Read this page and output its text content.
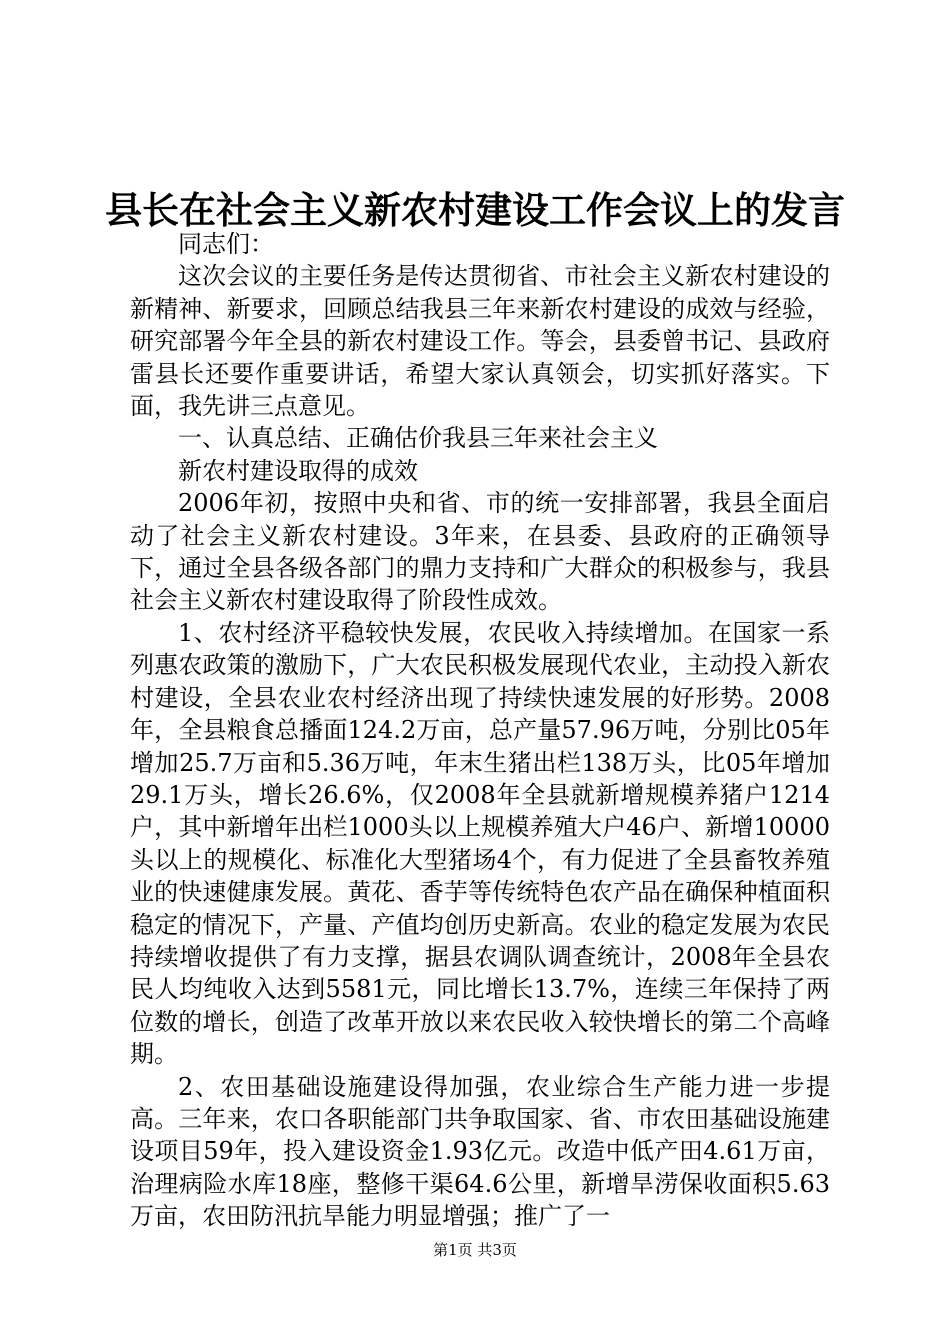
县长在社会主义新农村建设工作会议上的发言

同志们：

这次会议的主要任务是传达贯彻省、市社会主义新农村建设的新精神、新要求，回顾总结我县三年来新农村建设的成效与经验，研究部署今年全县的新农村建设工作。等会，县委曾书记、县政府雷县长还要作重要讲话，希望大家认真领会，切实抓好落实。下面，我先讲三点意见。

一、认真总结、正确估价我县三年来社会主义

新农村建设取得的成效

2006年初，按照中央和省、市的统一安排部署，我县全面启动了社会主义新农村建设。3年来，在县委、县政府的正确领导下，通过全县各级各部门的鼎力支持和广大群众的积极参与，我县社会主义新农村建设取得了阶段性成效。

1、农村经济平稳较快发展，农民收入持续增加。在国家一系列惠农政策的激励下，广大农民积极发展现代农业，主动投入新农村建设，全县农业农村经济出现了持续快速发展的好形势。2008年，全县粮食总播面124.2万亩，总产量57.96万吨，分别比05年增加25.7万亩和5.36万吨，年末生猪出栏138万头，比05年增加29.1万头，增长26.6%，仅2008年全县就新增规模养猪户1214户，其中新增年出栏1000头以上规模养殖大户46户、新增10000头以上的规模化、标准化大型猪场4个，有力促进了全县畜牧养殖业的快速健康发展。黄花、香芋等传统特色农产品在确保种植面积稳定的情况下，产量、产值均创历史新高。农业的稳定发展为农民持续增收提供了有力支撑，据县农调队调查统计，2008年全县农民人均纯收入达到5581元，同比增长13.7%，连续三年保持了两位数的增长，创造了改革开放以来农民收入较快增长的第二个高峰期。

2、农田基础设施建设得加强，农业综合生产能力进一步提高。三年来，农口各职能部门共争取国家、省、市农田基础设施建设项目59年，投入建设资金1.93亿元。改造中低产田4.61万亩，治理病险水库18座，整修干渠64.6公里，新增旱涝保收面积5.63万亩，农田防汛抗旱能力明显增强；推广了一

第1页 共3页
